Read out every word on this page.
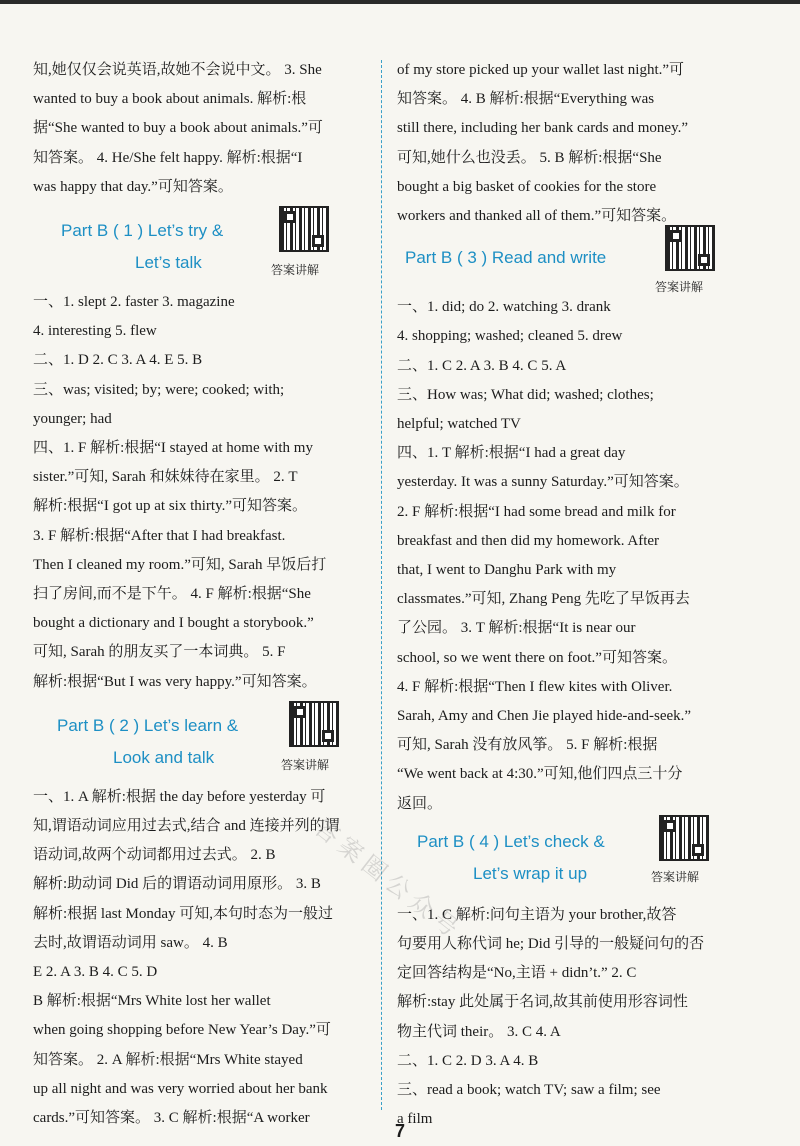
知,她仅仅会说英语,故她不会说中文。 3. She
wanted to buy a book about animals. 解析:根
据“She wanted to buy a book about animals.”可
知答案。 4. He/She felt happy. 解析:根据“I
was happy that day.”可知答案。
Part B ( 1 ) Let’s try &
Let’s talk	答案讲解
一、1. slept 2. faster 3. magazine
4. interesting 5. flew
二、1. D 2. C 3. A 4. E 5. B
三、was; visited; by; were; cooked; with;
younger; had
四、1. F 解析:根据“I stayed at home with my
sister.”可知, Sarah 和妹妹待在家里。 2. T
解析:根据“I got up at six thirty.”可知答案。
3. F 解析:根据“After that I had breakfast.
Then I cleaned my room.”可知, Sarah 早饭后打
扫了房间,而不是下午。 4. F 解析:根据“She
bought a dictionary and I bought a storybook.”
可知, Sarah 的朋友买了一本词典。 5. F
解析:根据“But I was very happy.”可知答案。
Part B ( 2 ) Let’s learn &
Look and talk	答案讲解
一、1. A 解析:根据 the day before yesterday 可
知,谓语动词应用过去式,结合 and 连接并列的谓
语动词,故两个动词都用过去式。 2. B
解析:助动词 Did 后的谓语动词用原形。 3. B
解析:根据 last Monday 可知,本句时态为一般过
去时,故谓语动词用 saw。 4. B
E 2. A 3. B 4. C 5. D
B 解析:根据“Mrs White lost her wallet
when going shopping before New Year’s Day.”可
知答案。 2. A 解析:根据“Mrs White stayed
up all night and was very worried about her bank
cards.”可知答案。 3. C 解析:根据“A worker
of my store picked up your wallet last night.”可
知答案。 4. B 解析:根据“Everything was
still there, including her bank cards and money.”
可知,她什么也没丢。 5. B 解析:根据“She
bought a big basket of cookies for the store
workers and thanked all of them.”可知答案。
Part B ( 3 ) Read and write
答案讲解
一、1. did; do 2. watching 3. drank
4. shopping; washed; cleaned 5. drew
二、1. C 2. A 3. B 4. C 5. A
三、How was; What did; washed; clothes;
helpful; watched TV
四、1. T 解析:根据“I had a great day
yesterday. It was a sunny Saturday.”可知答案。
2. F 解析:根据“I had some bread and milk for
breakfast and then did my homework. After
that, I went to Danghu Park with my
classmates.”可知, Zhang Peng 先吃了早饭再去
了公园。 3. T 解析:根据“It is near our
school, so we went there on foot.”可知答案。
4. F 解析:根据“Then I flew kites with Oliver.
Sarah, Amy and Chen Jie played hide-and-seek.”
可知, Sarah 没有放风筝。 5. F 解析:根据
“We went back at 4:30.”可知,他们四点三十分
返回。
Part B ( 4 ) Let’s check &
Let’s wrap it up	答案讲解
一、1. C 解析:问句主语为 your brother,故答
句要用人称代词 he; Did 引导的一般疑问句的否
定回答结构是“No,主语 + didn’t.” 2. C
解析:stay 此处属于名词,故其前使用形容词性
物主代词 their。 3. C 4. A
二、1. C 2. D 3. A 4. B
三、read a book; watch TV; saw a film; see
a film
答案圈公众号
7
